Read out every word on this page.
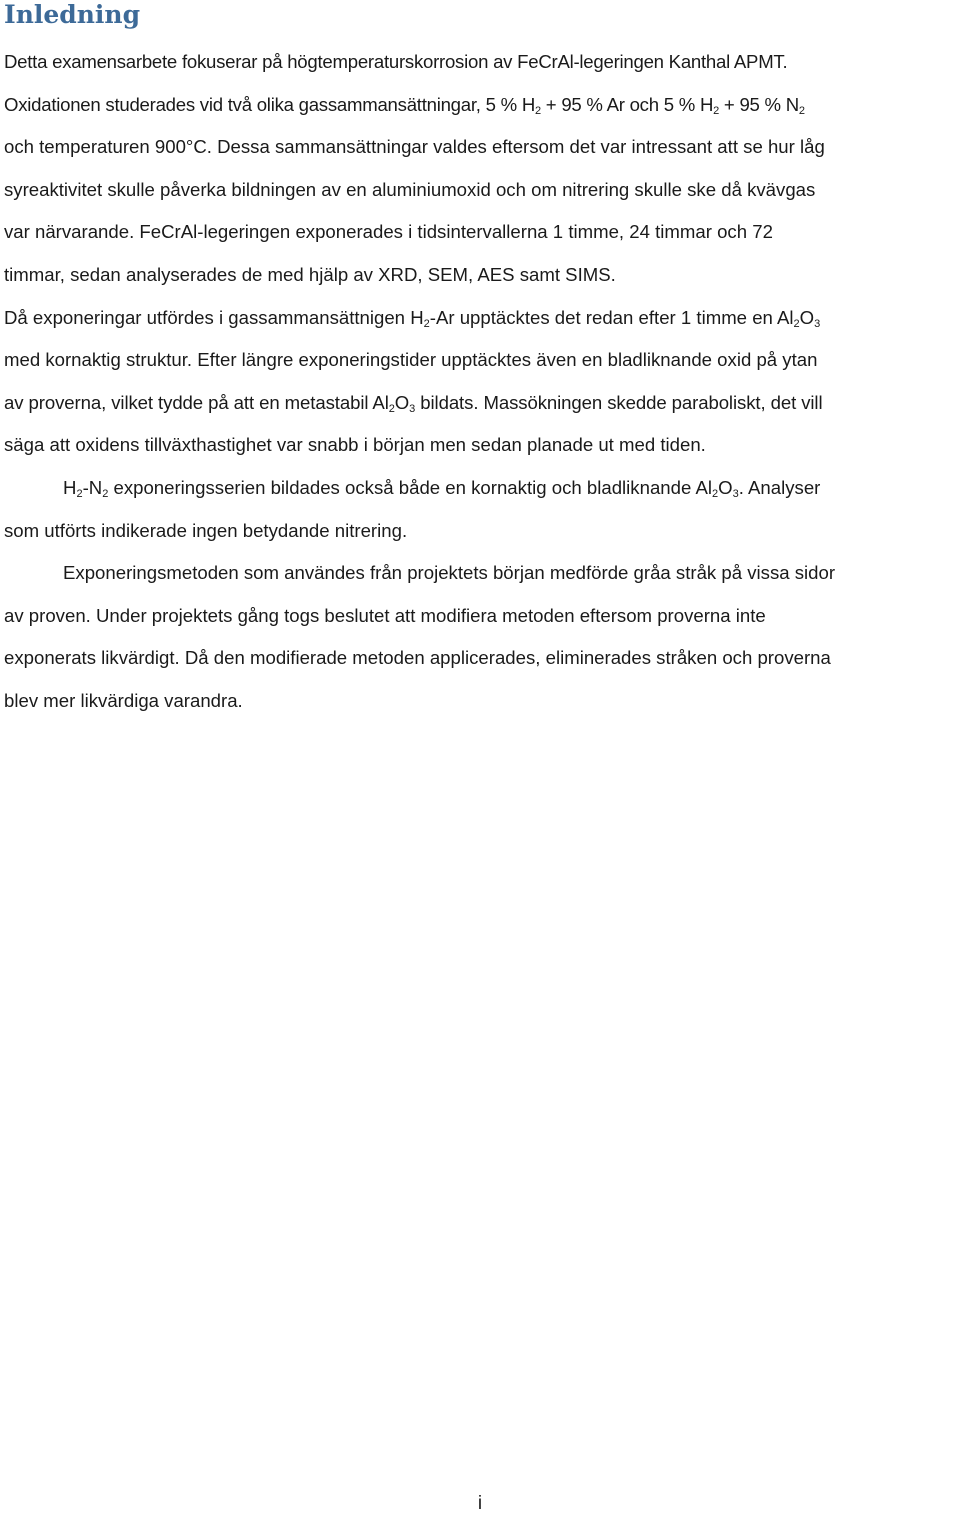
Inledning
Detta examensarbete fokuserar på högtemperaturskorrosion av FeCrAl-legeringen Kanthal APMT.
Oxidationen studerades vid två olika gassammansättningar, 5 % $H_2 + 95$ % Ar och 5 % $H_2 + 95$ % $N_2$
och temperaturen 900°C. Dessa sammansättningar valdes eftersom det var intressant att se hur låg
syreaktivitet skulle påverka bildningen av en aluminiumoxid och om nitrering skulle ske då kvävgas
var närvarande. FeCrAl-legeringen exponerades i tidsintervallerna 1 timme, 24 timmar och 72
timmar, sedan analyserades de med hjälp av XRD, SEM, AES samt SIMS.
Då exponeringar utfördes i gassammansättnigen $H_2-Ar$ upptäcktes det redan efter 1 timme en $Al_2O_3$
med kornaktig struktur. Efter längre exponeringstider upptäcktes även en bladliknande oxid på ytan
av proverna, vilket tydde på att en metastabil $Al_2O_3$ bildats. Massökningen skedde paraboliskt, det vill
säga att oxidens tillväxthastighet var snabb i början men sedan planade ut med tiden.
$H_2-N_2$ exponeringsserien bildades också både en kornaktig och bladliknande $Al_2O_3$. Analyser
som utförts indikerade ingen betydande nitrering.
Exponeringsmetoden som användes från projektets början medförde gråa stråk på vissa sidor
av proven. Under projektets gång togs beslutet att modifiera metoden eftersom proverna inte
exponerats likvärdigt. Då den modifierade metoden applicerades, eliminerades stråken och proverna
blev mer likvärdiga varandra.
i
